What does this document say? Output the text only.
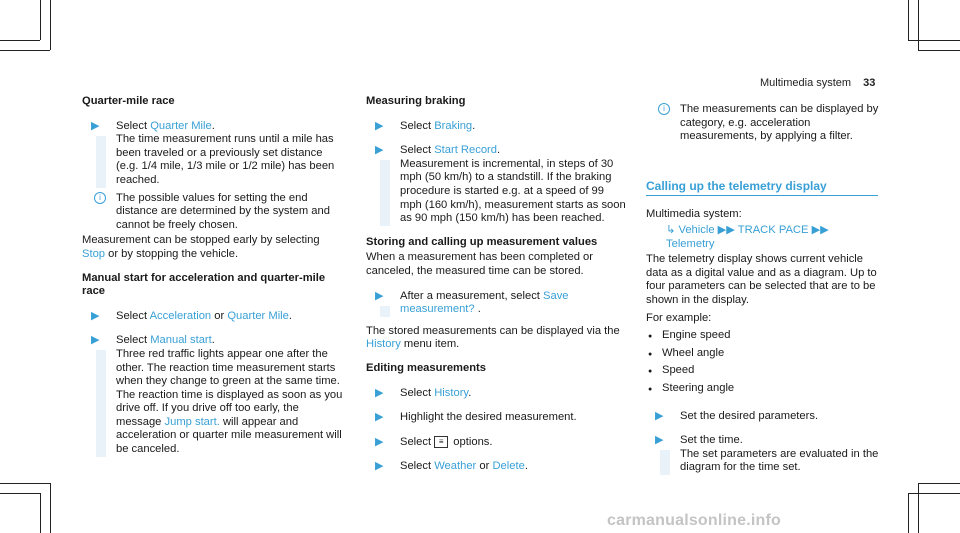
Multimedia system 33
Quarter-mile race
▶ Select Quarter Mile.
The time measurement runs until a mile has been traveled or a previously set distance (e.g. 1/4 mile, 1/3 mile or 1/2 mile) has been reached.
i	The possible values for setting the end distance are determined by the system and cannot be freely chosen.
Measurement can be stopped early by selecting Stop or by stopping the vehicle.
Manual start for acceleration and quarter-mile race
▶ Select Acceleration or Quarter Mile.
▶ Select Manual start.
Three red traffic lights appear one after the other. The reaction time measurement starts when they change to green at the same time. The reaction time is displayed as soon as you drive off. If you drive off too early, the message Jump start. will appear and acceleration or quarter mile measurement will be canceled.
Measuring braking
▶ Select Braking.
▶ Select Start Record.
Measurement is incremental, in steps of 30 mph (50 km/h) to a standstill. If the braking procedure is started e.g. at a speed of 99 mph (160 km/h), measurement starts as soon as 90 mph (150 km/h) has been reached.
Storing and calling up measurement values
When a measurement has been completed or canceled, the measured time can be stored.
▶ After a measurement, select Save measurement? .
The stored measurements can be displayed via the History menu item.
Editing measurements
▶ Select History.
▶ Highlight the desired measurement.
▶ Select ≡ options.
▶ Select Weather or Delete.
i	The measurements can be displayed by category, e.g. acceleration measurements, by applying a filter.
Calling up the telemetry display
Multimedia system:
↳ Vehicle ▶▶ TRACK PACE ▶▶ Telemetry
The telemetry display shows current vehicle data as a digital value and as a diagram. Up to four parameters can be selected that are to be shown in the display.
For example:
● Engine speed
● Wheel angle
● Speed
● Steering angle
▶ Set the desired parameters.
▶ Set the time.
The set parameters are evaluated in the diagram for the time set.
carmanualsonline.info
